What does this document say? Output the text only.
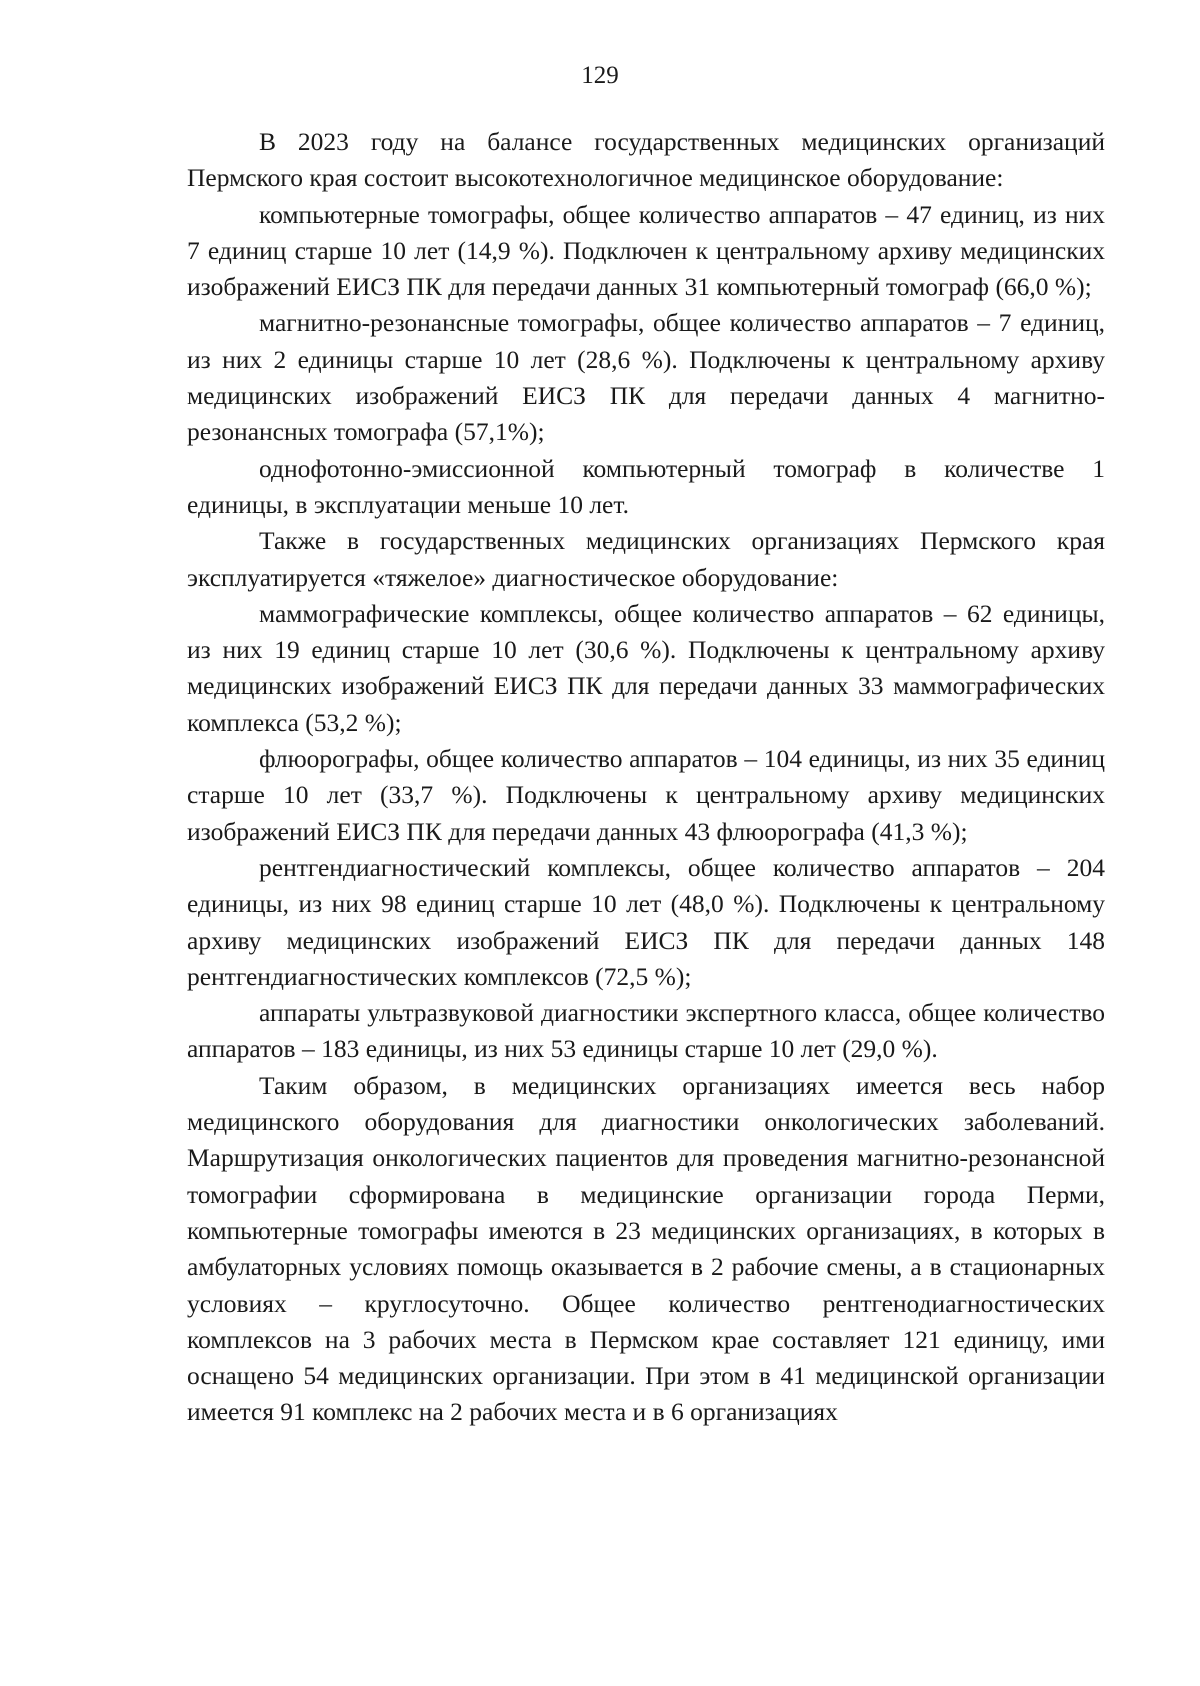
129

В 2023 году на балансе государственных медицинских организаций Пермского края состоит высокотехнологичное медицинское оборудование:

компьютерные томографы, общее количество аппаратов – 47 единиц, из них 7 единиц старше 10 лет (14,9 %). Подключен к центральному архиву медицинских изображений ЕИСЗ ПК для передачи данных 31 компьютерный томограф (66,0 %);

магнитно-резонансные томографы, общее количество аппаратов – 7 единиц, из них 2 единицы старше 10 лет (28,6 %). Подключены к центральному архиву медицинских изображений ЕИСЗ ПК для передачи данных 4 магнитно-резонансных томографа (57,1%);

однофотонно-эмиссионной компьютерный томограф в количестве 1 единицы, в эксплуатации меньше 10 лет.

Также в государственных медицинских организациях Пермского края эксплуатируется «тяжелое» диагностическое оборудование:

маммографические комплексы, общее количество аппаратов – 62 единицы, из них 19 единиц старше 10 лет (30,6 %). Подключены к центральному архиву медицинских изображений ЕИСЗ ПК для передачи данных 33 маммографических комплекса (53,2 %);

флюорографы, общее количество аппаратов – 104 единицы, из них 35 единиц старше 10 лет (33,7 %). Подключены к центральному архиву медицинских изображений ЕИСЗ ПК для передачи данных 43 флюорографа (41,3 %);

рентгендиагностический комплексы, общее количество аппаратов – 204 единицы, из них 98 единиц старше 10 лет (48,0 %). Подключены к центральному архиву медицинских изображений ЕИСЗ ПК для передачи данных 148 рентгендиагностических комплексов (72,5 %);

аппараты ультразвуковой диагностики экспертного класса, общее количество аппаратов – 183 единицы, из них 53 единицы старше 10 лет (29,0 %).

Таким образом, в медицинских организациях имеется весь набор медицинского оборудования для диагностики онкологических заболеваний. Маршрутизация онкологических пациентов для проведения магнитно-резонансной томографии сформирована в медицинские организации города Перми, компьютерные томографы имеются в 23 медицинских организациях, в которых в амбулаторных условиях помощь оказывается в 2 рабочие смены, а в стационарных условиях – круглосуточно. Общее количество рентгенодиагностических комплексов на 3 рабочих места в Пермском крае составляет 121 единицу, ими оснащено 54 медицинских организации. При этом в 41 медицинской организации имеется 91 комплекс на 2 рабочих места и в 6 организациях
